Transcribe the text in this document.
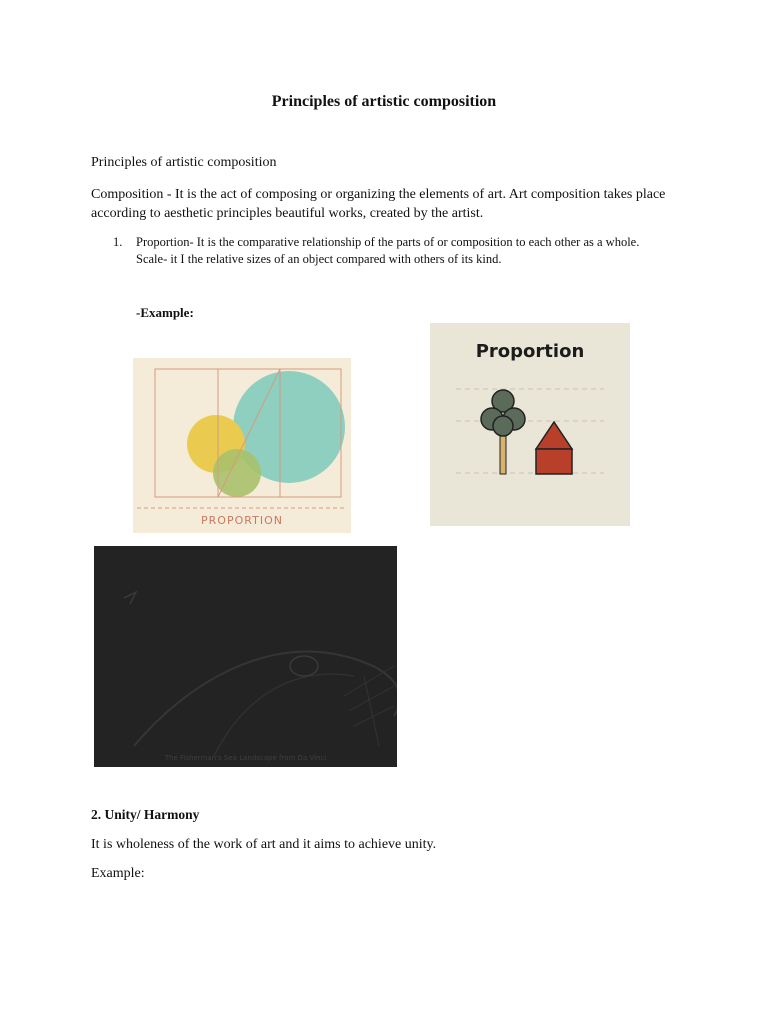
Principles of artistic composition
Principles of artistic composition
Composition - It is the act of composing or organizing the elements of art. Art composition takes place according to aesthetic principles beautiful works, created by the artist.
1. Proportion- It is the comparative relationship of the parts of or composition to each other as a whole.
Scale- it I the relative sizes of an object compared with others of its kind.
-Example:
PROPORTION
Proportion
The Fisherman's Sea Landscape from Da Vinci
2. Unity/ Harmony
It is wholeness of the work of art and it aims to achieve unity.
Example:
